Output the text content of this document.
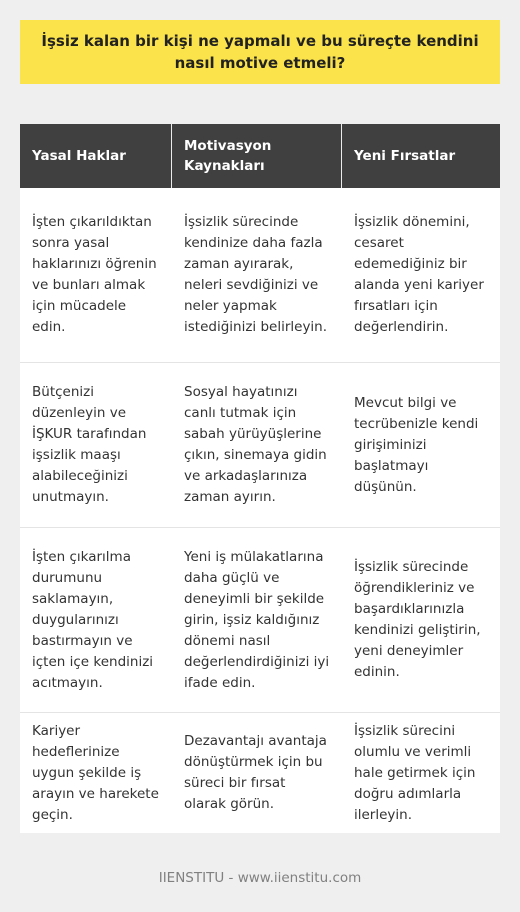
İşsiz kalan bir kişi ne yapmalı ve bu süreçte kendini nasıl motive etmeli?
Yasal Haklar
Motivasyon Kaynakları
Yeni Fırsatlar
İşten çıkarıldıktan sonra yasal haklarınızı öğrenin ve bunları almak için mücadele edin.
İşsizlik sürecinde kendinize daha fazla zaman ayırarak, neleri sevdiğinizi ve neler yapmak istediğinizi belirleyin.
İşsizlik dönemini, cesaret edemediğiniz bir alanda yeni kariyer fırsatları için değerlendirin.
Bütçenizi düzenleyin ve İŞKUR tarafından işsizlik maaşı alabileceğinizi unutmayın.
Sosyal hayatınızı canlı tutmak için sabah yürüyüşlerine çıkın, sinemaya gidin ve arkadaşlarınıza zaman ayırın.
Mevcut bilgi ve tecrübenizle kendi girişiminizi başlatmayı düşünün.
İşten çıkarılma durumunu saklamayın, duygularınızı bastırmayın ve içten içe kendinizi acıtmayın.
Yeni iş mülakatlarına daha güçlü ve deneyimli bir şekilde girin, işsiz kaldığınız dönemi nasıl değerlendirdiğinizi iyi ifade edin.
İşsizlik sürecinde öğrendikleriniz ve başardıklarınızla kendinizi geliştirin, yeni deneyimler edinin.
Kariyer hedeflerinize uygun şekilde iş arayın ve harekete geçin.
Dezavantajı avantaja dönüştürmek için bu süreci bir fırsat olarak görün.
İşsizlik sürecini olumlu ve verimli hale getirmek için doğru adımlarla ilerleyin.
IIENSTITU - www.iienstitu.com
